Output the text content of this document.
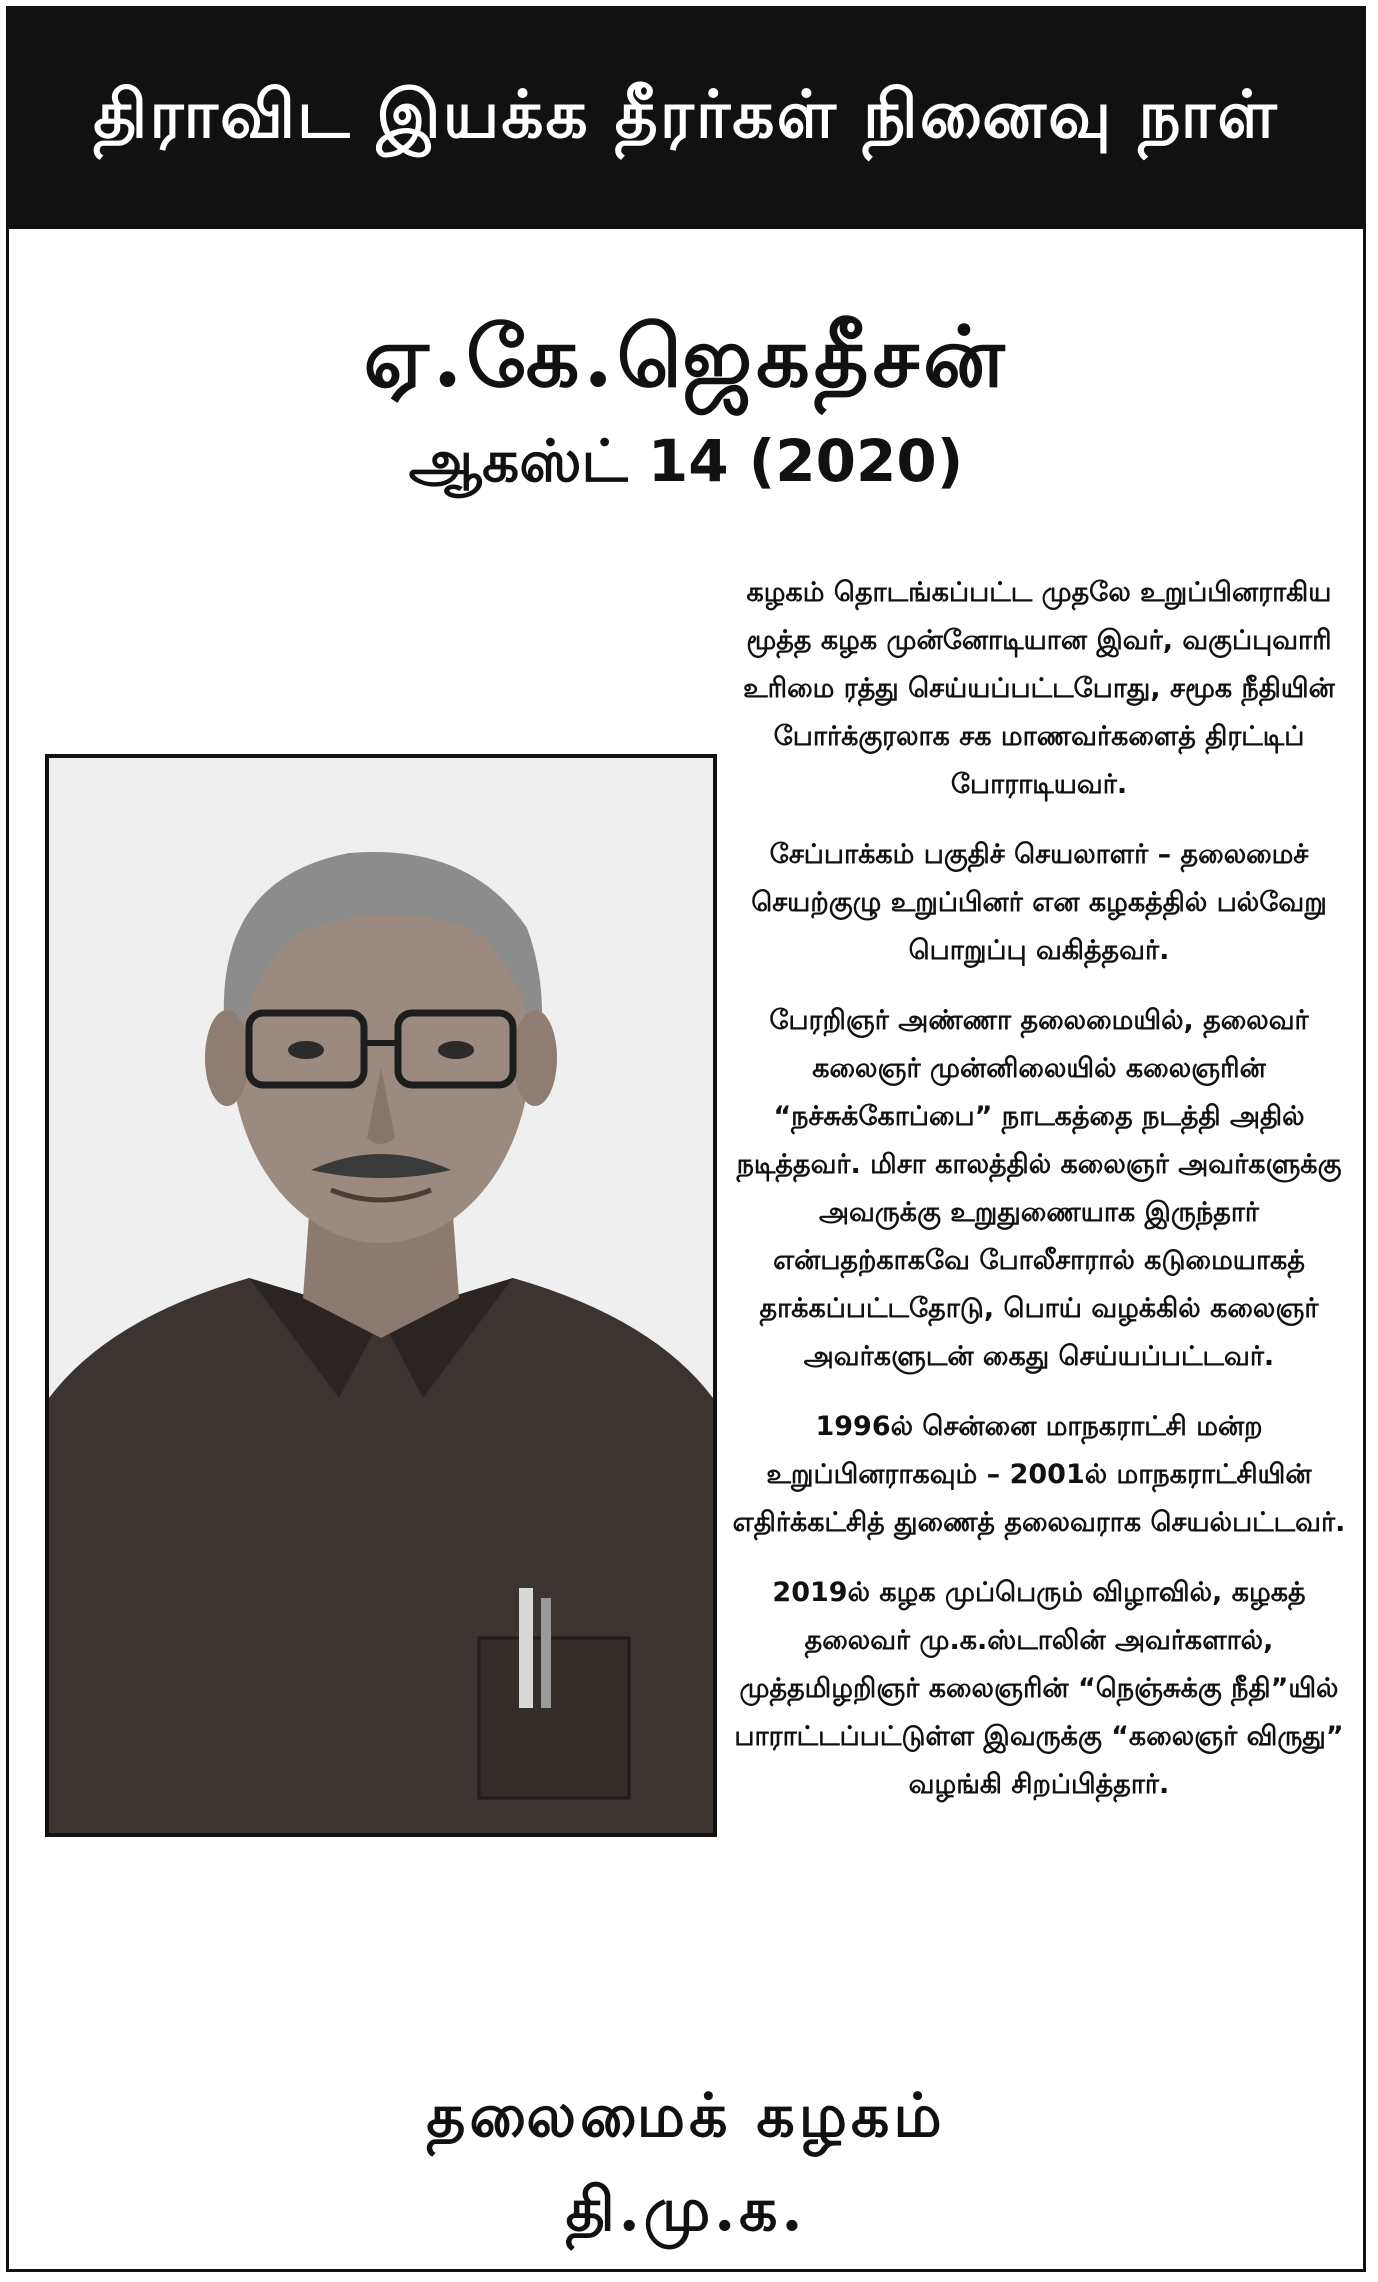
திராவிட இயக்க தீரர்கள் நினைவு நாள்
ஏ.கே.ஜெகதீசன்
ஆகஸ்ட் 14 (2020)

கழகம் தொடங்கப்பட்ட முதலே உறுப்பினராகிய மூத்த கழக முன்னோடியான இவர், வகுப்புவாரி உரிமை ரத்து செய்யப்பட்டபோது, சமூக நீதியின் போர்க்குரலாக சக மாணவர்களைத் திரட்டிப் போராடியவர்.

சேப்பாக்கம் பகுதிச் செயலாளர் – தலைமைச் செயற்குழு உறுப்பினர் என கழகத்தில் பல்வேறு பொறுப்பு வகித்தவர்.

பேரறிஞர் அண்ணா தலைமையில், தலைவர் கலைஞர் முன்னிலையில் கலைஞரின் “நச்சுக்கோப்பை” நாடகத்தை நடத்தி அதில் நடித்தவர். மிசா காலத்தில் கலைஞர் அவர்களுக்கு அவருக்கு உறுதுணையாக இருந்தார் என்பதற்காகவே போலீசாரால் கடுமையாகத் தாக்கப்பட்டதோடு, பொய் வழக்கில் கலைஞர் அவர்களுடன் கைது செய்யப்பட்டவர்.

1996ல் சென்னை மாநகராட்சி மன்ற உறுப்பினராகவும் – 2001ல் மாநகராட்சியின் எதிர்க்கட்சித் துணைத் தலைவராக செயல்பட்டவர்.

2019ல் கழக முப்பெரும் விழாவில், கழகத் தலைவர் மு.க.ஸ்டாலின் அவர்களால், முத்தமிழறிஞர் கலைஞரின் “நெஞ்சுக்கு நீதி”யில் பாராட்டப்பட்டுள்ள இவருக்கு “கலைஞர் விருது” வழங்கி சிறப்பித்தார்.

தலைமைக் கழகம்
தி.மு.க.
